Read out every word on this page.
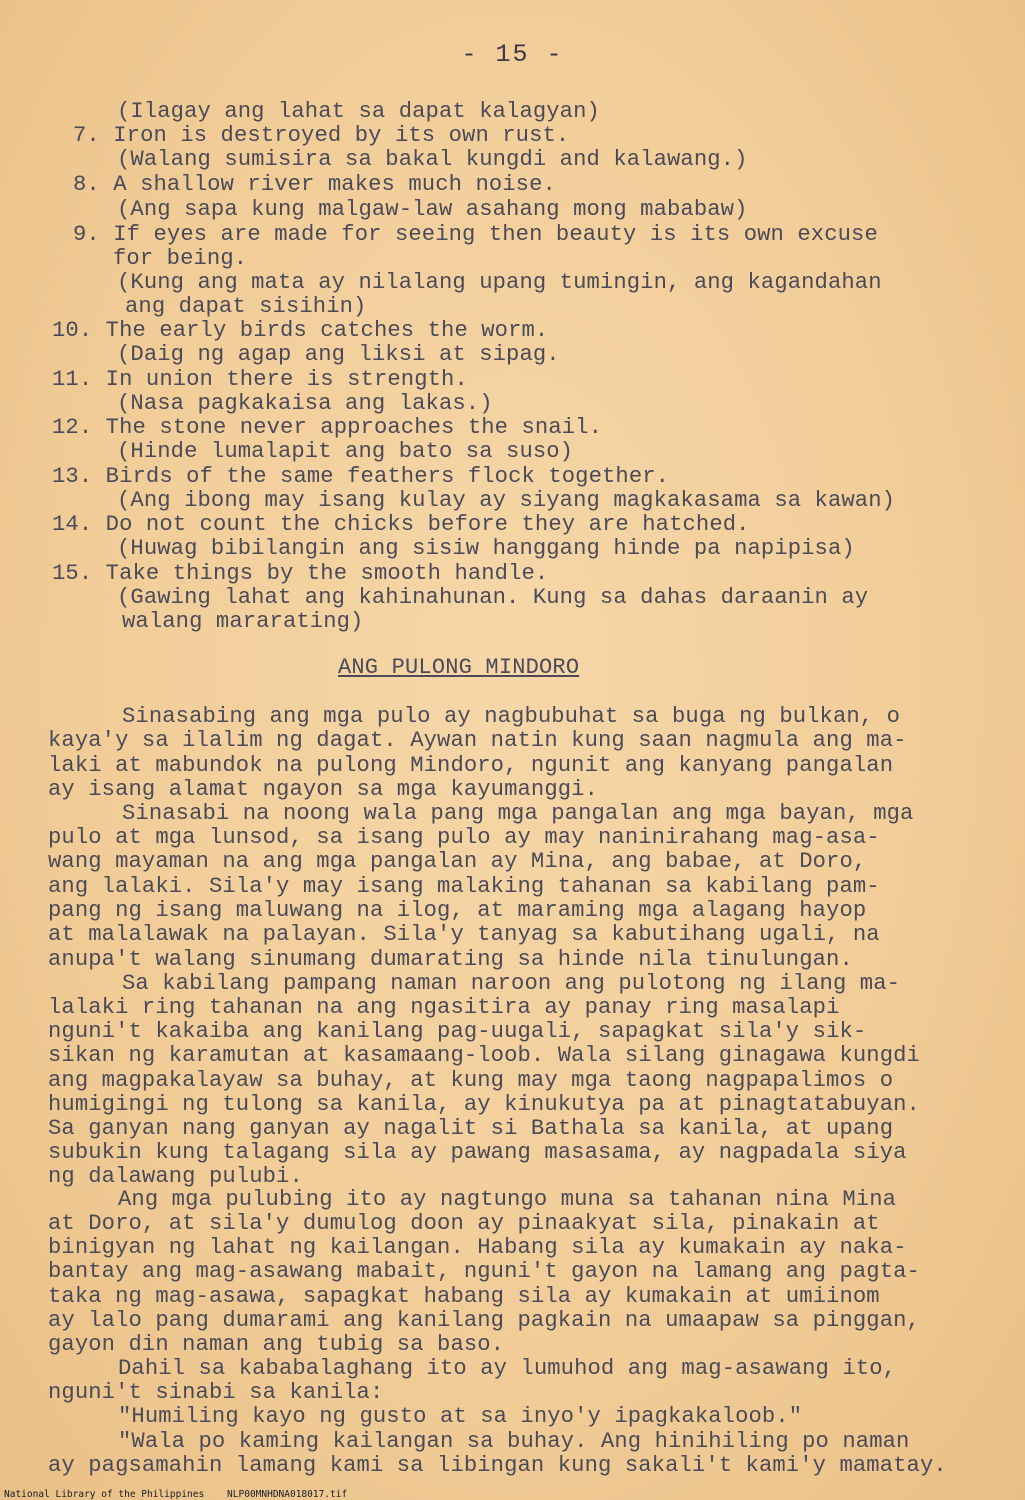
- 15 -
(Ilagay ang lahat sa dapat kalagyan)
7. Iron is destroyed by its own rust.
(Walang sumisira sa bakal kungdi and kalawang.)
8. A shallow river makes much noise.
(Ang sapa kung malgaw-law asahang mong mababaw)
9. If eyes are made for seeing then beauty is its own excuse
for being.
(Kung ang mata ay nilalang upang tumingin, ang kagandahan
ang dapat sisihin)
10. The early birds catches the worm.
(Daig ng agap ang liksi at sipag.
11. In union there is strength.
(Nasa pagkakaisa ang lakas.)
12. The stone never approaches the snail.
(Hinde lumalapit ang bato sa suso)
13. Birds of the same feathers flock together.
(Ang ibong may isang kulay ay siyang magkakasama sa kawan)
14. Do not count the chicks before they are hatched.
(Huwag bibilangin ang sisiw hanggang hinde pa napipisa)
15. Take things by the smooth handle.
(Gawing lahat ang kahinahunan. Kung sa dahas daraanin ay
walang mararating)
ANG PULONG MINDORO
Sinasabing ang mga pulo ay nagbubuhat sa buga ng bulkan, o
kaya'y sa ilalim ng dagat. Aywan natin kung saan nagmula ang ma-
laki at mabundok na pulong Mindoro, ngunit ang kanyang pangalan
ay isang alamat ngayon sa mga kayumanggi.
Sinasabi na noong wala pang mga pangalan ang mga bayan, mga
pulo at mga lunsod, sa isang pulo ay may naninirahang mag-asa-
wang mayaman na ang mga pangalan ay Mina, ang babae, at Doro,
ang lalaki. Sila'y may isang malaking tahanan sa kabilang pam-
pang ng isang maluwang na ilog, at maraming mga alagang hayop
at malalawak na palayan. Sila'y tanyag sa kabutihang ugali, na
anupa't walang sinumang dumarating sa hinde nila tinulungan.
Sa kabilang pampang naman naroon ang pulotong ng ilang ma-
lalaki ring tahanan na ang ngasitira ay panay ring masalapi
nguni't kakaiba ang kanilang pag-uugali, sapagkat sila'y sik-
sikan ng karamutan at kasamaang-loob. Wala silang ginagawa kungdi
ang magpakalayaw sa buhay, at kung may mga taong nagpapalimos o
humigingi ng tulong sa kanila, ay kinukutya pa at pinagtatabuyan.
Sa ganyan nang ganyan ay nagalit si Bathala sa kanila, at upang
subukin kung talagang sila ay pawang masasama, ay nagpadala siya
ng dalawang pulubi.
Ang mga pulubing ito ay nagtungo muna sa tahanan nina Mina
at Doro, at sila'y dumulog doon ay pinaakyat sila, pinakain at
binigyan ng lahat ng kailangan. Habang sila ay kumakain ay naka-
bantay ang mag-asawang mabait, nguni't gayon na lamang ang pagta-
taka ng mag-asawa, sapagkat habang sila ay kumakain at umiinom
ay lalo pang dumarami ang kanilang pagkain na umaapaw sa pinggan,
gayon din naman ang tubig sa baso.
Dahil sa kababalaghang ito ay lumuhod ang mag-asawang ito,
nguni't sinabi sa kanila:
"Humiling kayo ng gusto at sa inyo'y ipagkakaloob."
"Wala po kaming kailangan sa buhay. Ang hinihiling po naman
ay pagsamahin lamang kami sa libingan kung sakali't kami'y mamatay.
National Library of the Philippines    NLP00MNHDNA018017.tif
